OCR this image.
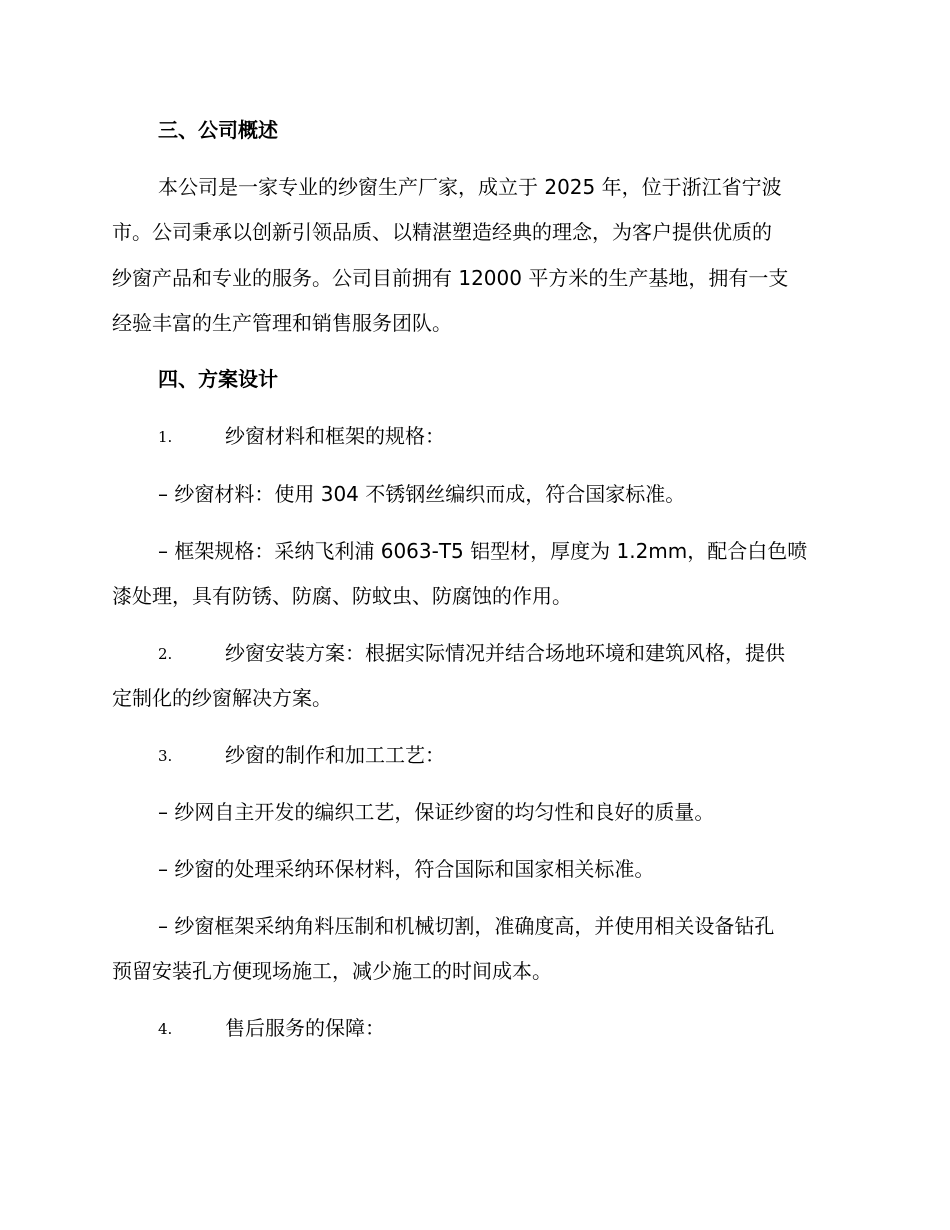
三、公司概述
本公司是一家专业的纱窗生产厂家，成立于 2025 年，位于浙江省宁波
市。公司秉承以创新引领品质、以精湛塑造经典的理念，为客户提供优质的
纱窗产品和专业的服务。公司目前拥有 12000 平方米的生产基地，拥有一支
经验丰富的生产管理和销售服务团队。
四、方案设计
1.	纱窗材料和框架的规格：
– 纱窗材料：使用 304 不锈钢丝编织而成，符合国家标准。
– 框架规格：采纳飞利浦 6063-T5 铝型材，厚度为 1.2mm，配合白色喷
漆处理，具有防锈、防腐、防蚊虫、防腐蚀的作用。
2.	纱窗安装方案：根据实际情况并结合场地环境和建筑风格，提供
定制化的纱窗解决方案。
3.	纱窗的制作和加工工艺：
– 纱网自主开发的编织工艺，保证纱窗的均匀性和良好的质量。
– 纱窗的处理采纳环保材料，符合国际和国家相关标准。
– 纱窗框架采纳角料压制和机械切割，准确度高，并使用相关设备钻孔
预留安装孔方便现场施工，减少施工的时间成本。
4.	售后服务的保障：
